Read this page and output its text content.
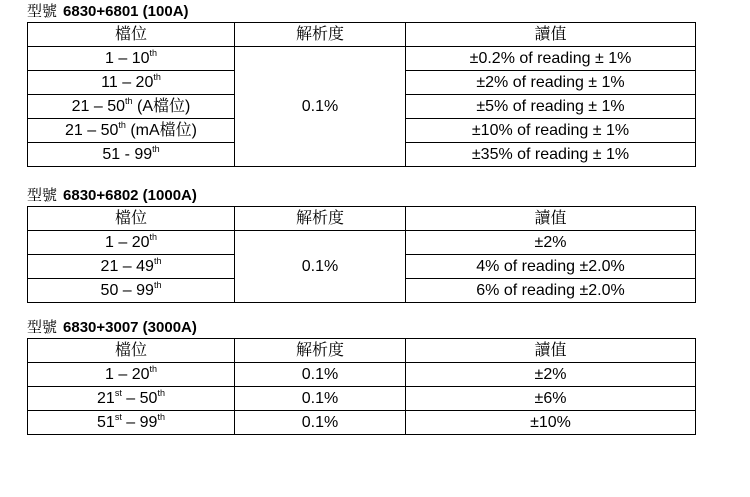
型號 6830+6801 (100A)
檔位	解析度	讀值
1 – 10th	0.1%	±0.2% of reading ± 1%
11 – 20th		±2% of reading ± 1%
21 – 50th (A檔位)		±5% of reading ± 1%
21 – 50th (mA檔位)		±10% of reading ± 1%
51 - 99th		±35% of reading ± 1%
型號 6830+6802 (1000A)
檔位	解析度	讀值
1 – 20th	0.1%	±2%
21 – 49th		4% of reading ±2.0%
50 – 99th		6% of reading ±2.0%
型號 6830+3007 (3000A)
檔位	解析度	讀值
1 – 20th	0.1%	±2%
21st – 50th	0.1%	±6%
51st – 99th	0.1%	±10%
